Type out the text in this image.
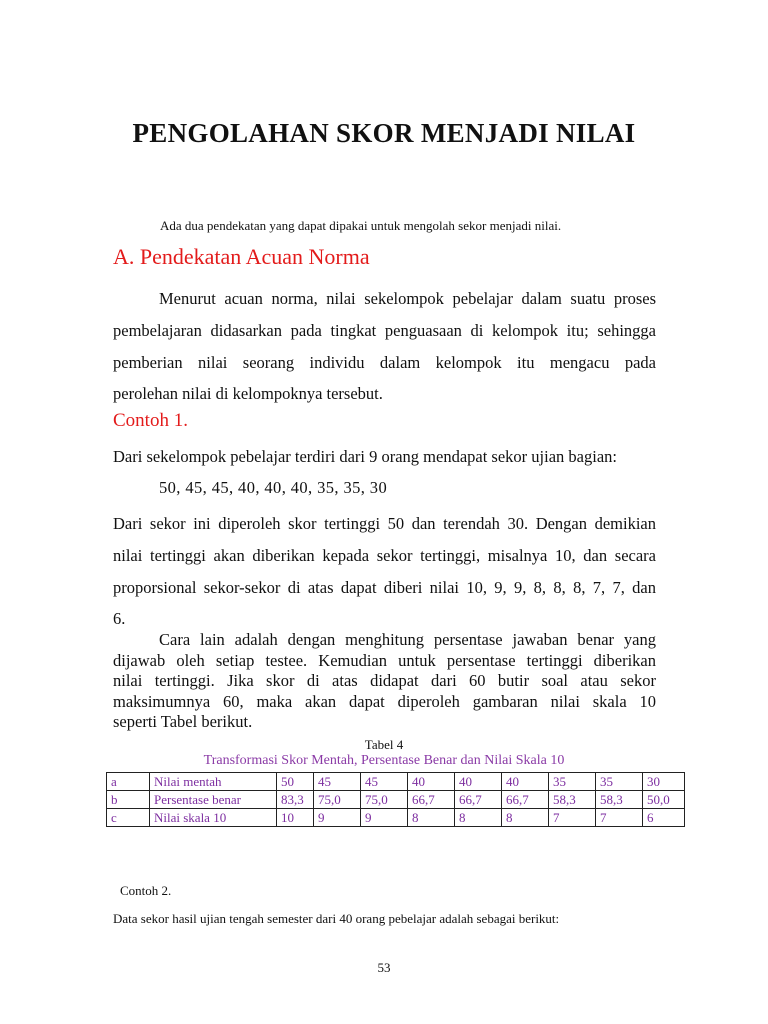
PENGOLAHAN SKOR MENJADI NILAI

Ada dua pendekatan yang dapat dipakai untuk mengolah sekor menjadi nilai.

A. Pendekatan Acuan Norma

Menurut acuan norma, nilai sekelompok pebelajar dalam suatu proses
pembelajaran didasarkan pada tingkat penguasaan di kelompok itu; sehingga
pemberian nilai seorang individu dalam kelompok itu mengacu pada
perolehan nilai di kelompoknya tersebut.

Contoh 1.

Dari sekelompok pebelajar terdiri dari 9 orang mendapat sekor ujian bagian:

50, 45, 45, 40, 40, 40, 35, 35, 30

Dari sekor ini diperoleh skor tertinggi 50 dan terendah 30. Dengan demikian
nilai tertinggi akan diberikan kepada sekor tertinggi, misalnya 10, dan secara
proporsional sekor-sekor di atas dapat diberi nilai 10, 9, 9, 8, 8, 8, 7, 7, dan
6.

Cara lain adalah dengan menghitung persentase jawaban benar yang
dijawab oleh setiap testee. Kemudian untuk persentase tertinggi diberikan
nilai tertinggi. Jika skor di atas didapat dari 60 butir soal atau sekor
maksimumnya 60, maka akan dapat diperoleh gambaran nilai skala 10
seperti Tabel berikut.

Tabel 4

Transformasi Skor Mentah, Persentase Benar dan Nilai Skala 10

a	Nilai mentah	50	45	45	40	40	40	35	35	30
b	Persentase benar	83,3	75,0	75,0	66,7	66,7	66,7	58,3	58,3	50,0
c	Nilai skala 10	10	9	9	8	8	8	7	7	6

Contoh 2.

Data sekor hasil ujian tengah semester dari 40 orang pebelajar adalah sebagai berikut:

53
